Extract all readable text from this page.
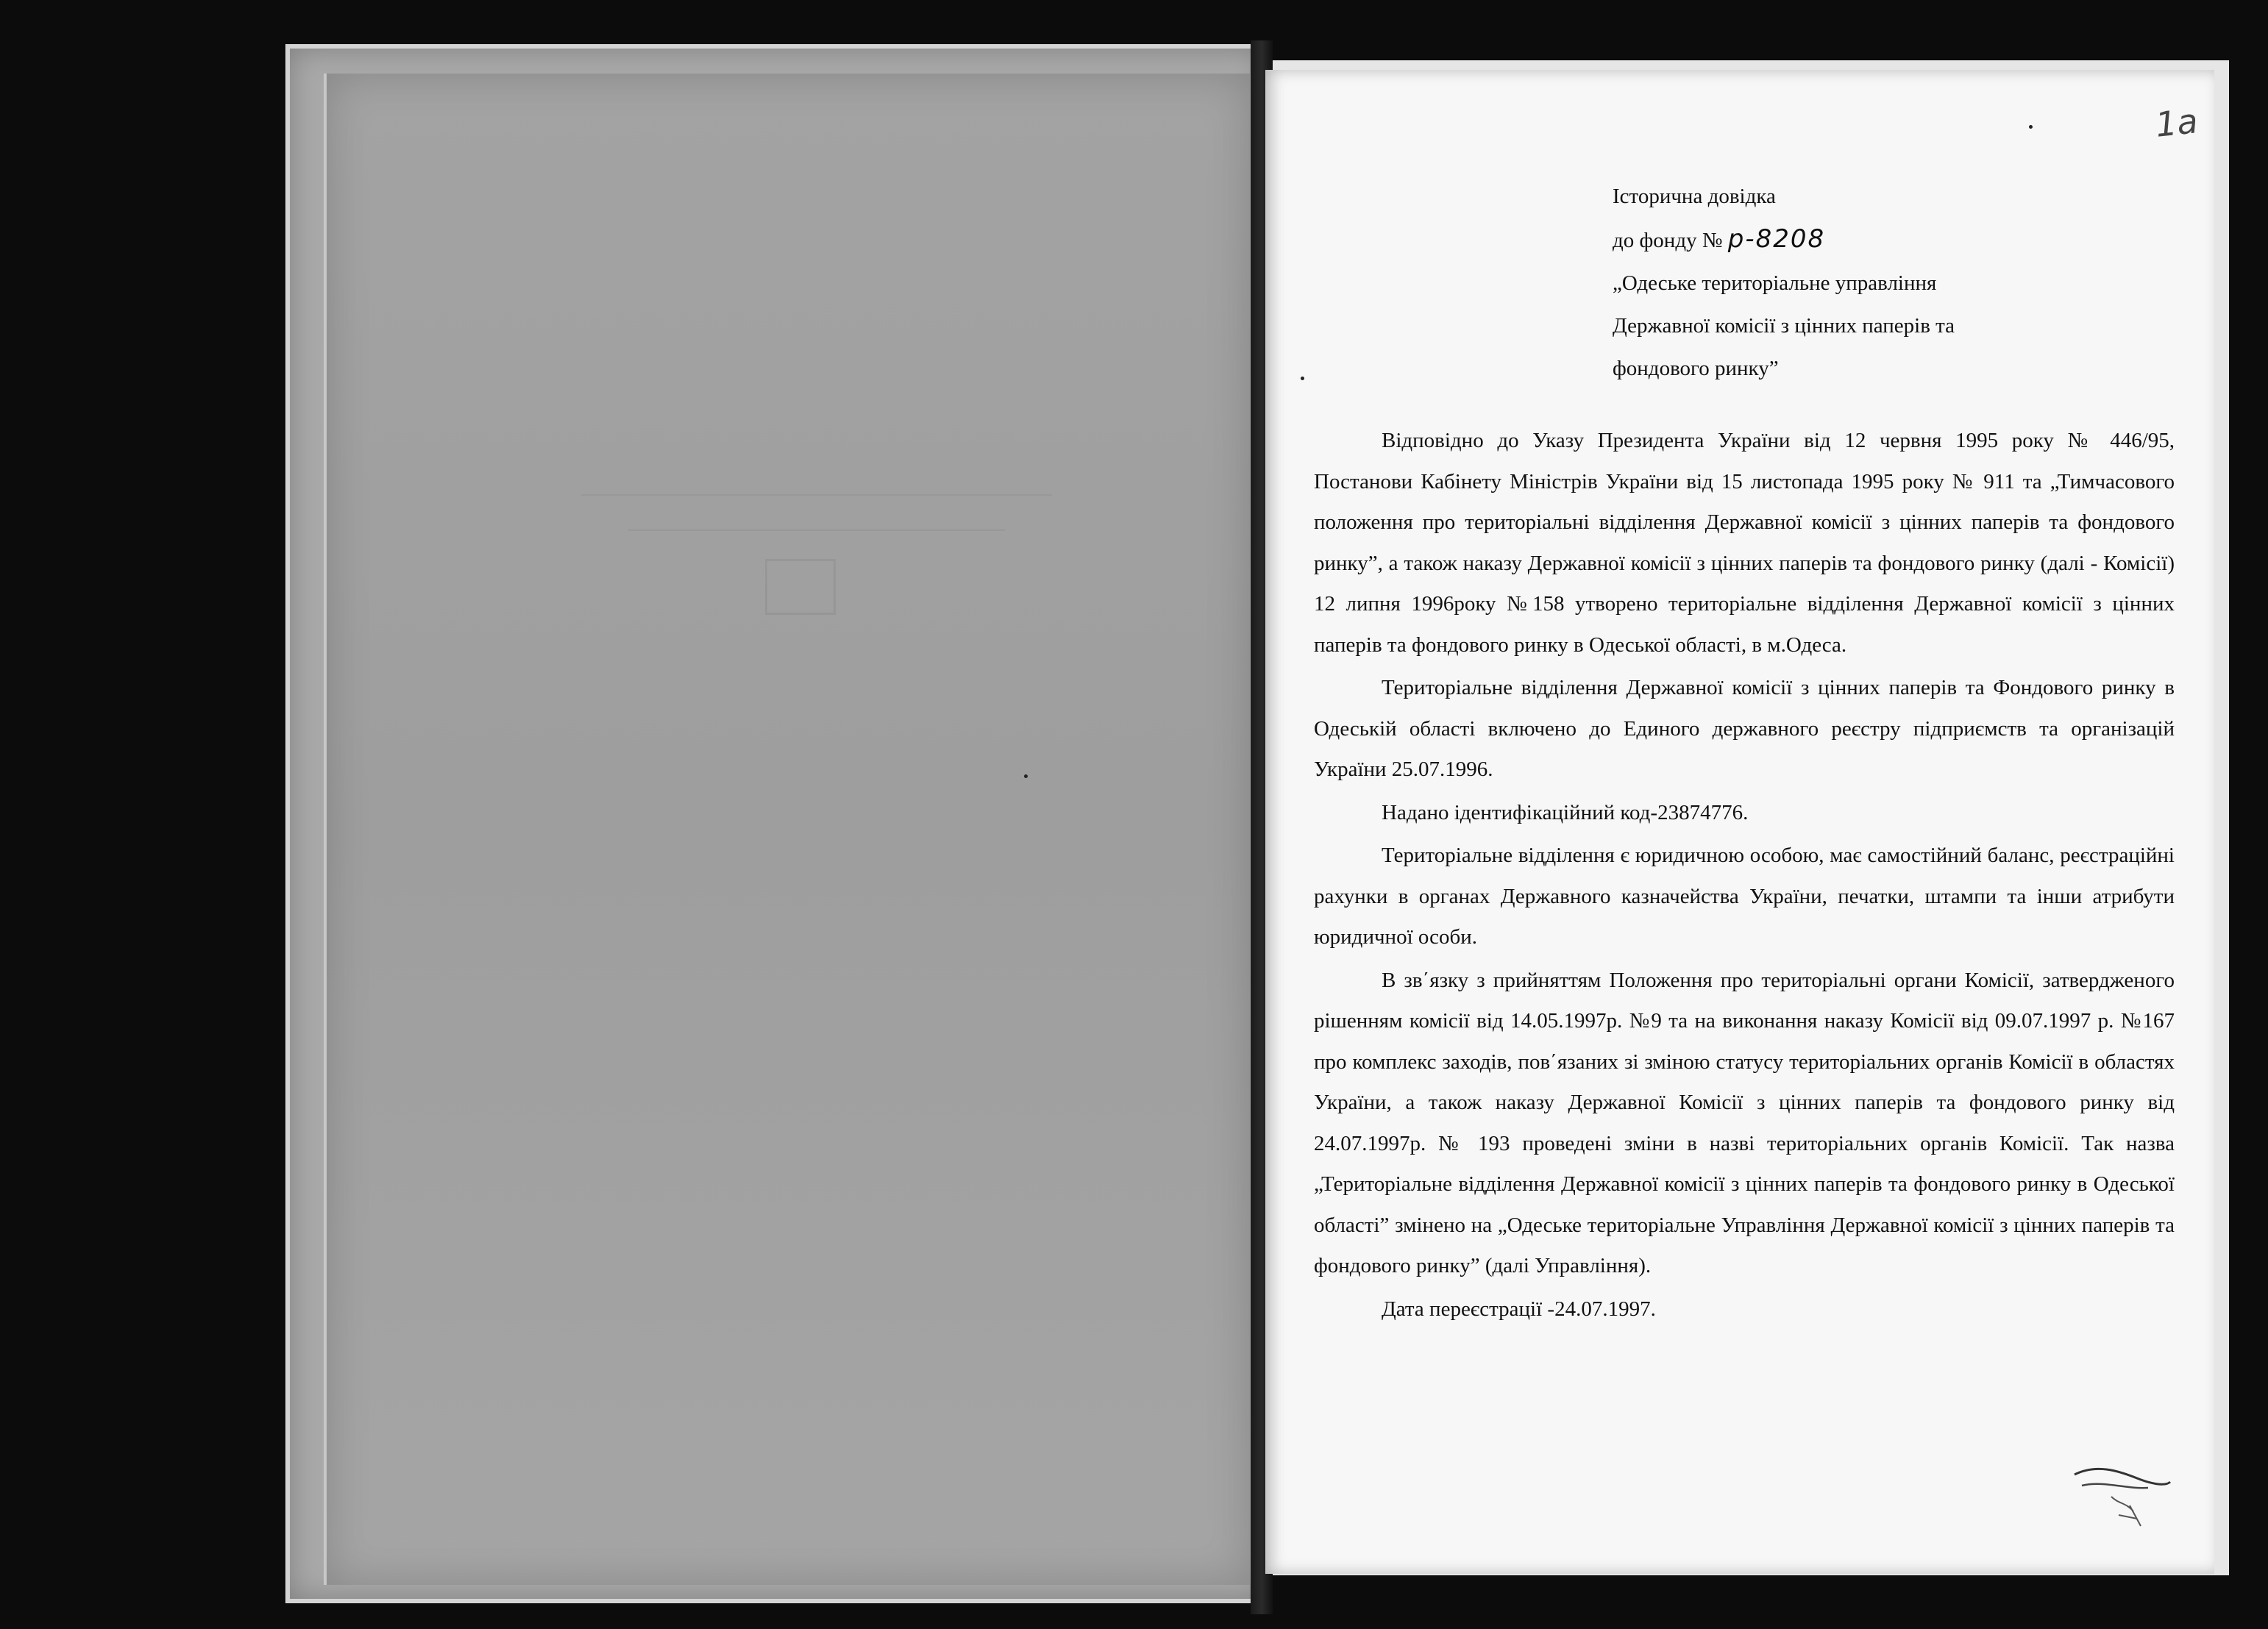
1a
Історична довідка
до фонду № р-8208
„Одеське територіальне управління
Державної комісії з цінних паперів та
фондового ринку”

Відповідно до Указу Президента України від 12 червня 1995 року № 446/95, Постанови Кабінету Міністрів України від 15 листопада 1995 року № 911 та „Тимчасового положення про територіальні відділення Державної комісії з цінних паперів та фондового ринку”, а також наказу Державної комісії з цінних паперів та фондового ринку (далі - Комісії) 12 липня 1996року №158 утворено територіальне відділення Державної комісії з цінних паперів та фондового ринку в Одеської області, в м.Одеса.

Територіальне відділення Державної комісії з цінних паперів та Фондового ринку в Одеській області включено до Единого державного реєстру підприємств та організацій України 25.07.1996.

Надано ідентифікаційний код-23874776.

Територіальне відділення є юридичною особою, має самостійний баланс, реєстраційні рахунки в органах Державного казначейства України, печатки, штампи та інши атрибути юридичної особи.

В зв΄язку з прийняттям Положення про територіальні органи Комісії, затвердженого рішенням комісії від 14.05.1997р. №9 та на виконання наказу Комісії від 09.07.1997 р. №167 про комплекс заходів, пов΄язаних зі зміною статусу територіальних органів Комісії в областях України, а також наказу Державної Комісії з цінних паперів та фондового ринку від 24.07.1997р. № 193 проведені зміни в назві територіальних органів Комісії. Так назва „Територіальне відділення Державної комісії з цінних паперів та фондового ринку в Одеської області” змінено на „Одеське територіальне Управління Державної комісії з цінних паперів та фондового ринку” (далі Управління).

Дата переєстрації -24.07.1997.
